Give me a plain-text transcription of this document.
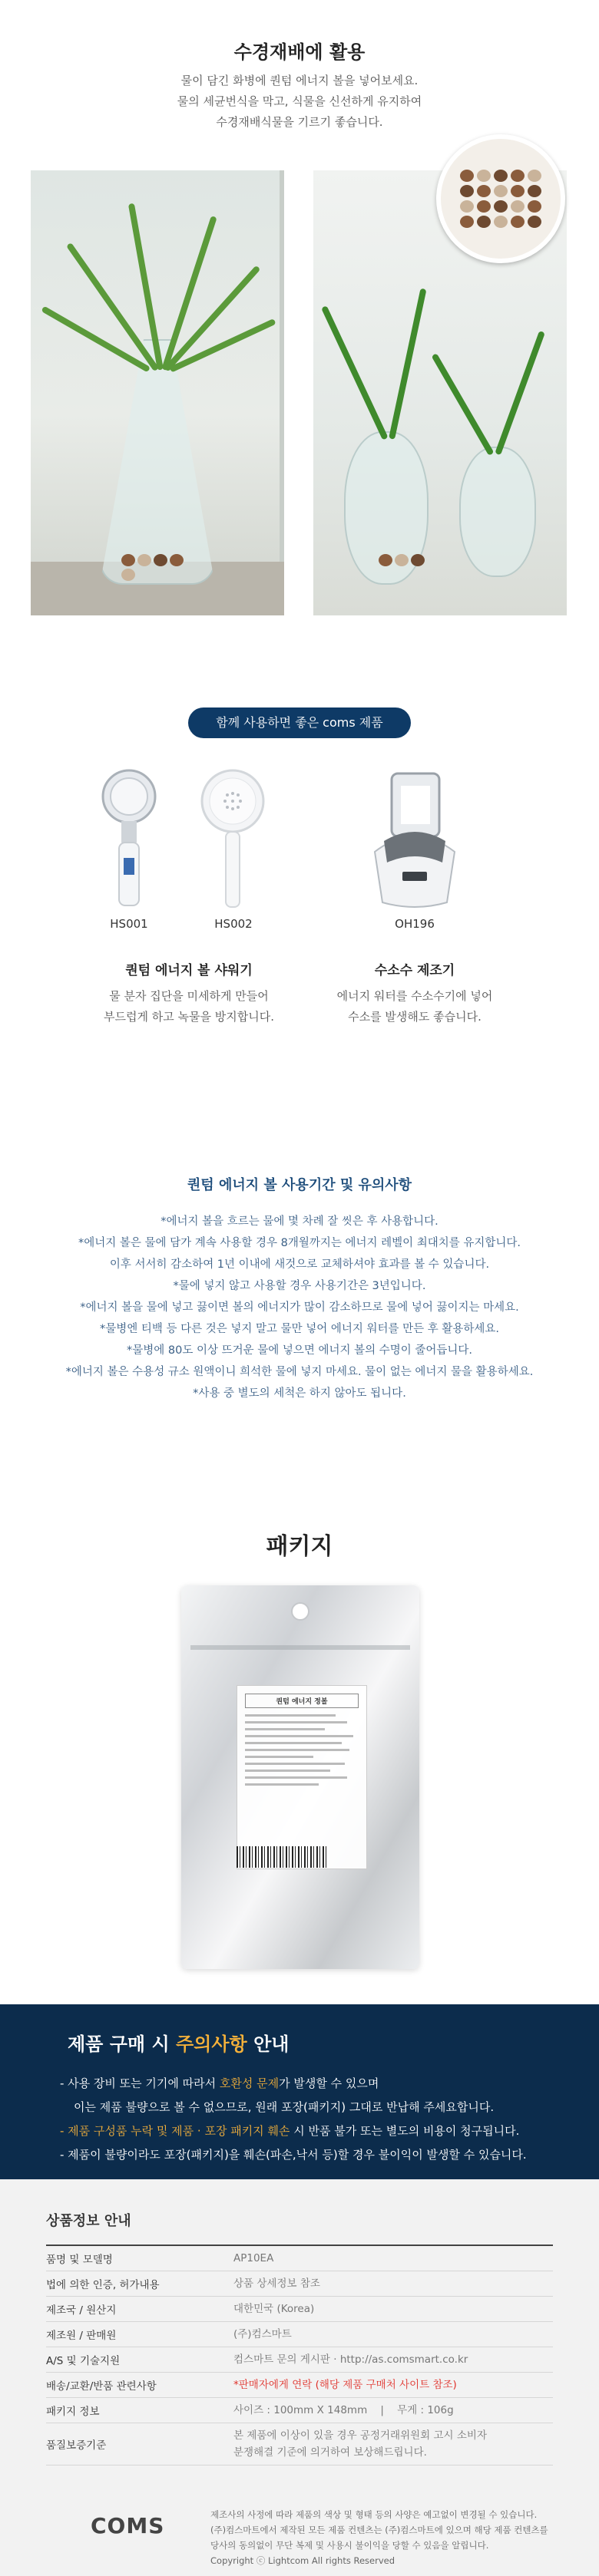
수경재배에 활용
물이 담긴 화병에 퀀텀 에너지 볼을 넣어보세요.
물의 세균번식을 막고, 식물을 신선하게 유지하여
수경재배식물을 기르기 좋습니다.
함께 사용하면 좋은 coms 제품
HS001	HS002	OH196
퀀텀 에너지 볼 샤워기
물 분자 집단을 미세하게 만들어
부드럽게 하고 녹물을 방지합니다.
수소수 제조기
에너지 워터를 수소수기에 넣어
수소를 발생해도 좋습니다.
퀀텀 에너지 볼 사용기간 및 유의사항
*에너지 볼을 흐르는 물에 몇 차례 잘 씻은 후 사용합니다.
*에너지 볼은 물에 담가 계속 사용할 경우 8개월까지는 에너지 레벨이 최대치를 유지합니다.
이후 서서히 감소하여 1년 이내에 새것으로 교체하셔야 효과를 볼 수 있습니다.
*물에 넣지 않고 사용할 경우 사용기간은 3년입니다.
*에너지 볼을 물에 넣고 끓이면 볼의 에너지가 많이 감소하므로 물에 넣어 끓이지는 마세요.
*물병엔 티백 등 다른 것은 넣지 말고 물만 넣어 에너지 워터를 만든 후 활용하세요.
*물병에 80도 이상 뜨거운 물에 넣으면 에너지 볼의 수명이 줄어듭니다.
*에너지 볼은 수용성 규소 원액이니 희석한 물에 넣지 마세요. 물이 없는 에너지 물을 활용하세요.
*사용 중 별도의 세척은 하지 않아도 됩니다.
패키지
퀀텀 에너지 정볼
제품 구매 시 주의사항 안내
- 사용 장비 또는 기기에 따라서 호환성 문제가 발생할 수 있으며
이는 제품 불량으로 볼 수 없으므로, 원래 포장(패키지) 그대로 반납해 주세요합니다.
- 제품 구성품 누락 및 제품 · 포장 패키지 훼손 시 반품 불가 또는 별도의 비용이 청구됩니다.
- 제품이 불량이라도 포장(패키지)을 훼손(파손,낙서 등)할 경우 불이익이 발생할 수 있습니다.
상품정보 안내
품명 및 모델명	AP10EA
법에 의한 인증, 허가내용	상품 상세정보 참조
제조국 / 원산지	대한민국 (Korea)
제조원 / 판매원	(주)컴스마트
A/S 및 기술지원	컴스마트 문의 게시판 · http://as.comsmart.co.kr
배송/교환/반품 관련사항	*판매자에게 연락 (해당 제품 구매처 사이트 참조)
패키지 정보	사이즈 : 100mm X 148mm    |    무게 : 106g
품질보증기준
본 제품에 이상이 있을 경우 공정거래위원회 고시 소비자 분쟁해결 기준에 의거하여 보상해드립니다.
COMS	제조사의 사정에 따라 제품의 색상 및 형태 등의 사양은 예고없이 변경될 수 있습니다.
(주)컴스마트에서 제작된 모든 제품 컨텐츠는 (주)컴스마트에 있으며 해당 제품 컨텐츠를
당사의 동의없이 무단 복제 및 사용시 불이익을 당할 수 있음을 알립니다.
Copyright ⓒ Lightcom All rights Reserved
